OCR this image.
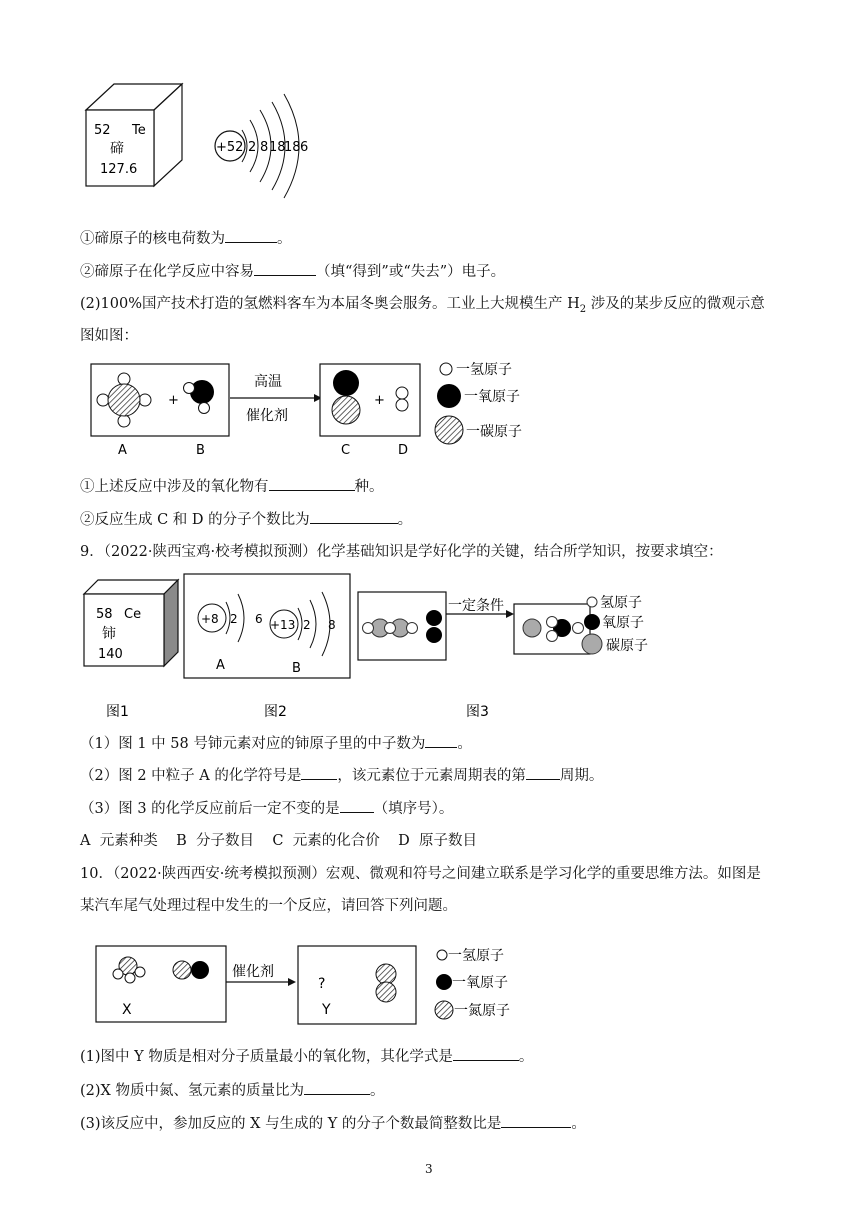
52 Te
碲
127.6
+52 2 8 18
18 6
①碲原子的核电荷数为	。
②碲原子在化学反应中容易	（填“得到”或“失去”）电子。
(2)100%国产技术打造的氢燃料客车为本届冬奥会服务。工业上大规模生产 $H_2$ 涉及的某步反应的微观示意
图如图：
+
高温
催化剂
+
A	B	C	D
一氢原子
一氧原子
一碳原子
①上述反应中涉及的氧化物有	种。
②反应生成 C 和 D 的分子个数比为	。
9．（2022·陕西宝鸡·校考模拟预测）化学基础知识是学好化学的关键，结合所学知识，按要求填空：
58 Ce
铈
140
+8 2 6
A
+13 2 8
B
一定条件	氢原子
氧原子
碳原子
图1	图2	图3
（1）图 1 中 58 号铈元素对应的铈原子里的中子数为 。
（2）图 2 中粒子 A 的化学符号是 ，该元素位于元素周期表的第 周期。
（3）图 3 的化学反应前后一定不变的是 （填序号）。
A  元素种类    B  分子数目    C  元素的化合价    D  原子数目
10．（2022·陕西西安·统考模拟预测）宏观、微观和符号之间建立联系是学习化学的重要思维方法。如图是
某汽车尾气处理过程中发生的一个反应，请回答下列问题。
X
催化剂
?
Y
一氢原子
一氧原子
一氮原子
(1)图中 Y 物质是相对分子质量最小的氧化物，其化学式是	。
(2)X 物质中氮、氢元素的质量比为	。
(3)该反应中，参加反应的 X 与生成的 Y 的分子个数最简整数比是	。
3
